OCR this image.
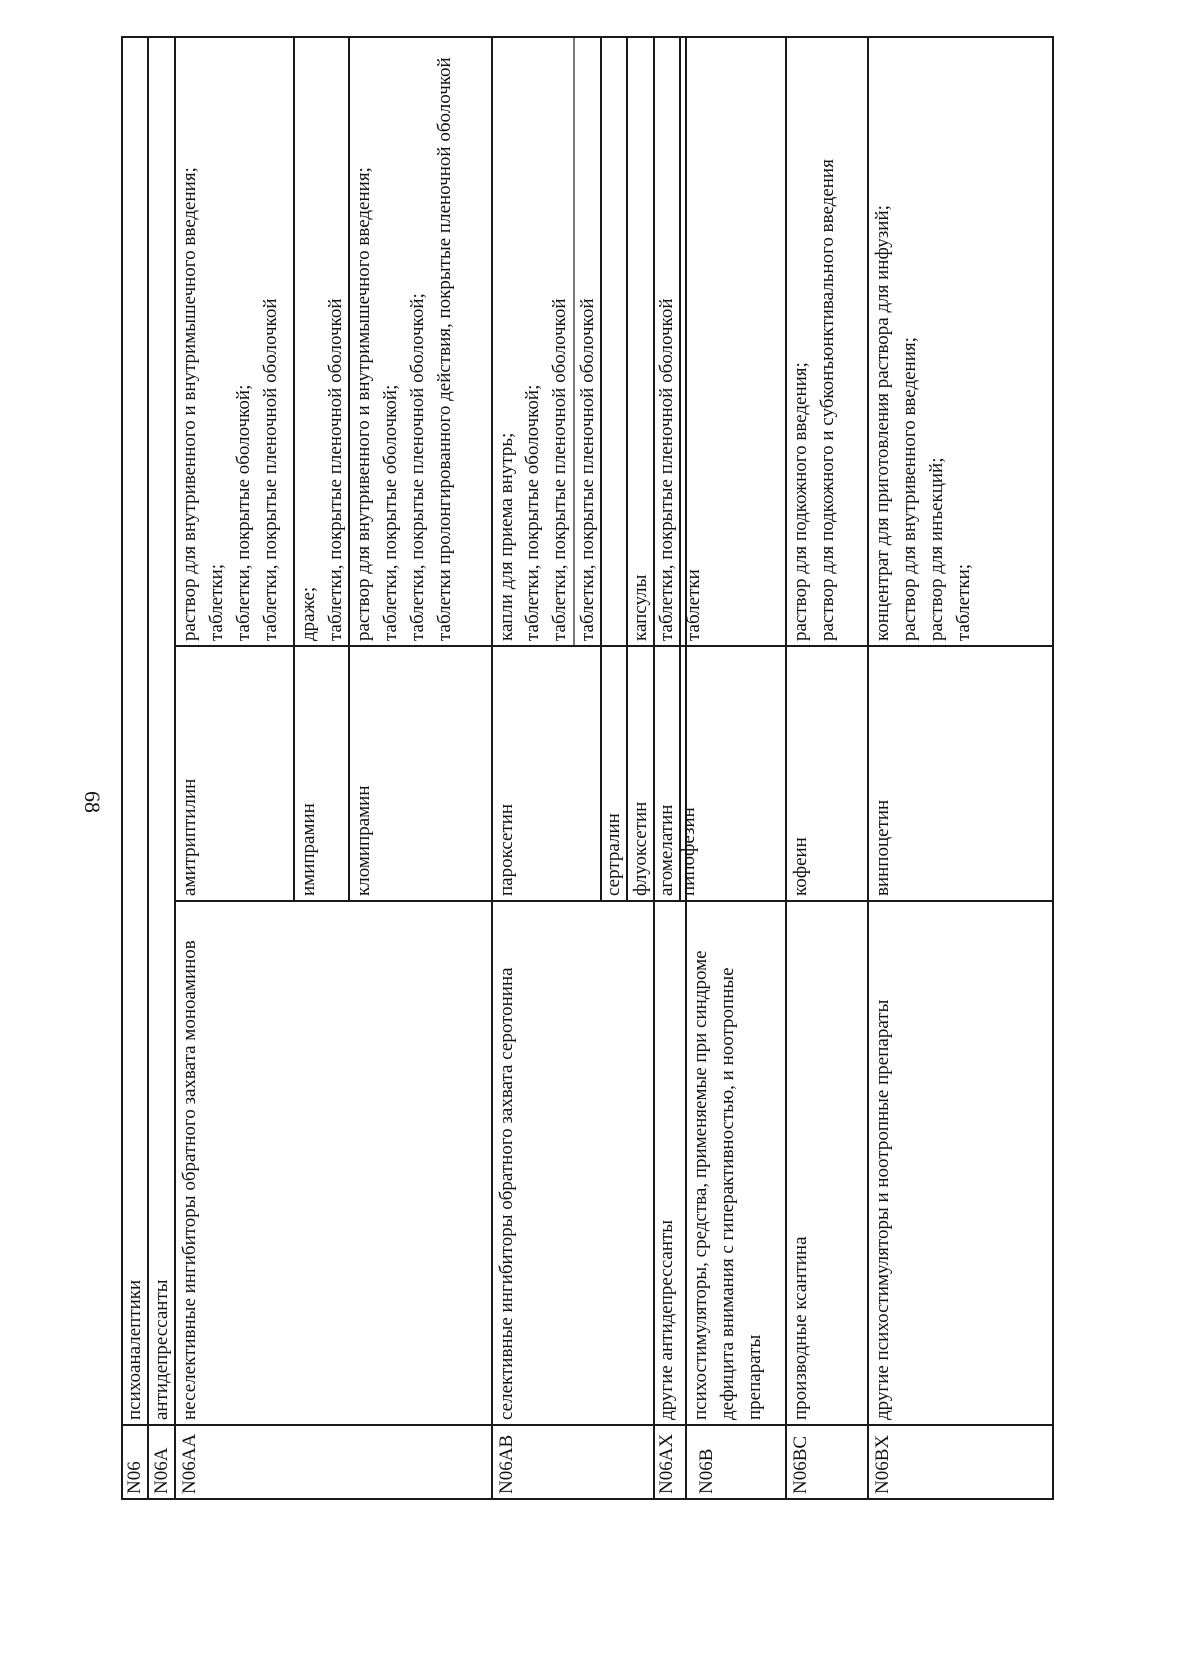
68
N06
психоаналептики
N06A
антидепрессанты
N06AA
неселективные ингибиторы обратного захвата моноаминов
амитриптилин
раствор для внутривенного и внутримышечного введения;
таблетки;
таблетки, покрытые оболочкой;
таблетки, покрытые пленочной оболочкой
имипрамин
драже;
таблетки, покрытые пленочной оболочкой
кломипрамин
раствор для внутривенного и внутримышечного введения;
таблетки, покрытые оболочкой;
таблетки, покрытые пленочной оболочкой;
таблетки пролонгированного действия, покрытые пленочной оболочкой
N06AB
селективные ингибиторы обратного захвата серотонина
пароксетин
капли для приема внутрь; таблетки, покрытые оболочкой; таблетки, покрытые пленочной оболочкой
сертралин
таблетки, покрытые пленочной оболочкой
флуоксетин
капсулы
N06AX
другие антидепрессанты
агомелатин
таблетки, покрытые пленочной оболочкой
пипофезин
таблетки
N06B
психостимуляторы, средства, применяемые при синдроме дефицита внимания с гиперактивностью, и ноотропные препараты
N06BC
производные ксантина
кофеин
раствор для подкожного введения;
раствор для подкожного и субконъюнктивального введения
N06BX
другие психостимуляторы и ноотропные препараты
винпоцетин
концентрат для приготовления раствора для инфузий;
раствор для внутривенного введения;
раствор для инъекций;
таблетки;
